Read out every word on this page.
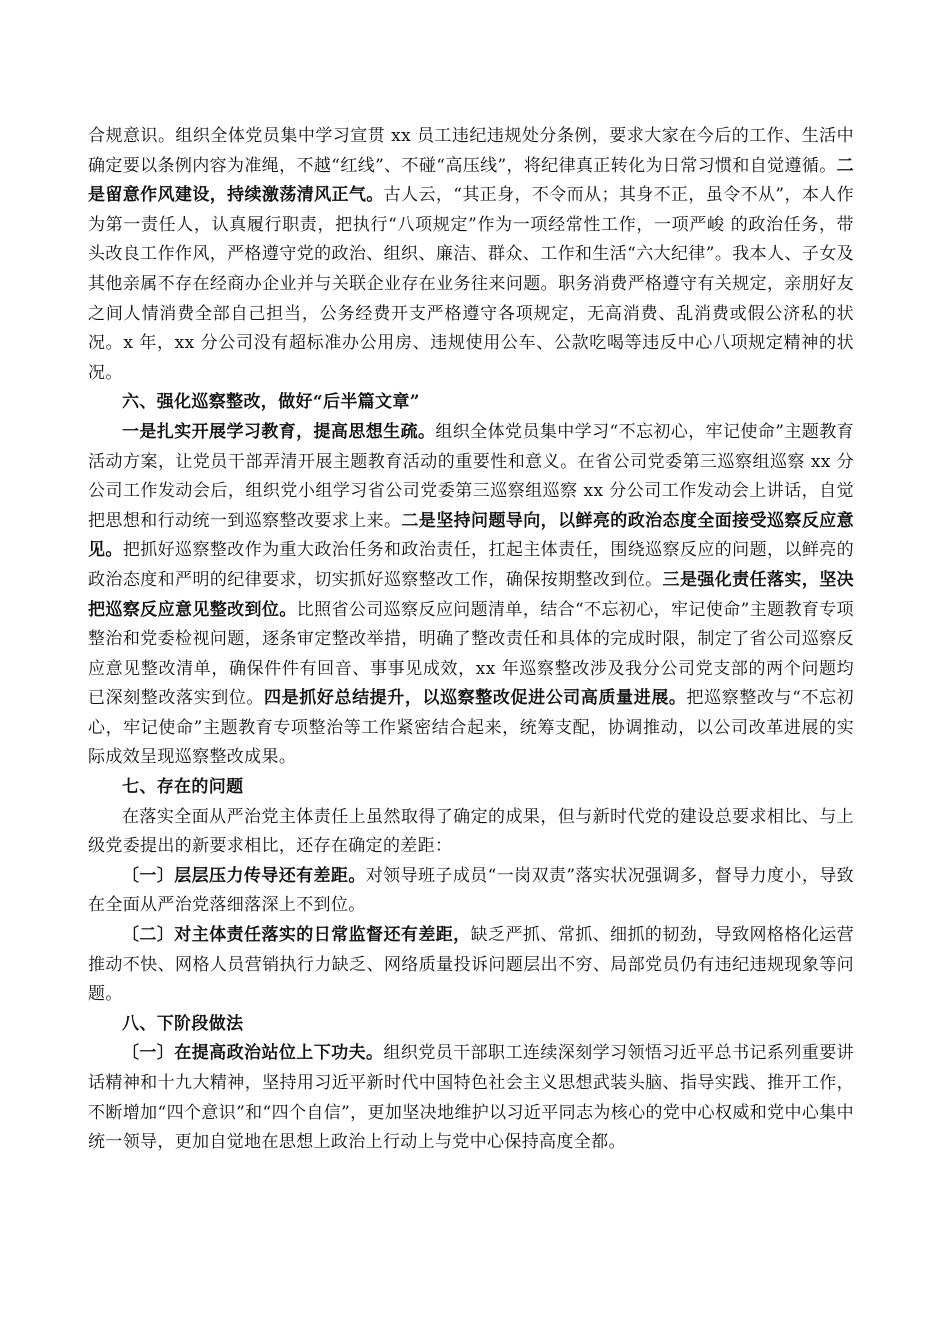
合规意识。组织全体党员集中学习宣贯 xx 员工违纪违规处分条例，要求大家在今后的工作、生活中确定要以条例内容为准绳，不越“红线”、不碰“高压线”，将纪律真正转化为日常习惯和自觉遵循。二是留意作风建设，持续激荡清风正气。古人云，“其正身，不令而从；其身不正，虽令不从”，本人作为第一责任人，认真履行职责，把执行“八项规定”作为一项经常性工作，一项严峻 的政治任务，带头改良工作作风，严格遵守党的政治、组织、廉洁、群众、工作和生活“六大纪律”。我本人、子女及其他亲属不存在经商办企业并与关联企业存在业务往来问题。职务消费严格遵守有关规定，亲朋好友之间人情消费全部自己担当，公务经费开支严格遵守各项规定，无高消费、乱消费或假公济私的状况。x 年，xx 分公司没有超标准办公用房、违规使用公车、公款吃喝等违反中心八项规定精神的状况。

六、强化巡察整改，做好“后半篇文章”

一是扎实开展学习教育，提高思想生疏。组织全体党员集中学习“不忘初心，牢记使命”主题教育活动方案，让党员干部弄清开展主题教育活动的重要性和意义。在省公司党委第三巡察组巡察 xx 分公司工作发动会后，组织党小组学习省公司党委第三巡察组巡察 xx 分公司工作发动会上讲话，自觉把思想和行动统一到巡察整改要求上来。二是坚持问题导向，以鲜亮的政治态度全面接受巡察反应意见。把抓好巡察整改作为重大政治任务和政治责任，扛起主体责任，围绕巡察反应的问题，以鲜亮的政治态度和严明的纪律要求，切实抓好巡察整改工作，确保按期整改到位。三是强化责任落实，坚决把巡察反应意见整改到位。比照省公司巡察反应问题清单，结合“不忘初心，牢记使命”主题教育专项整治和党委检视问题，逐条审定整改举措，明确了整改责任和具体的完成时限，制定了省公司巡察反应意见整改清单，确保件件有回音、事事见成效，xx 年巡察整改涉及我分公司党支部的两个问题均已深刻整改落实到位。四是抓好总结提升，以巡察整改促进公司高质量进展。把巡察整改与“不忘初心，牢记使命”主题教育专项整治等工作紧密结合起来，统筹支配，协调推动，以公司改革进展的实际成效呈现巡察整改成果。

七、存在的问题

在落实全面从严治党主体责任上虽然取得了确定的成果，但与新时代党的建设总要求相比、与上级党委提出的新要求相比，还存在确定的差距：

〔一〕层层压力传导还有差距。对领导班子成员“一岗双责”落实状况强调多，督导力度小，导致在全面从严治党落细落深上不到位。

〔二〕对主体责任落实的日常监督还有差距，缺乏严抓、常抓、细抓的韧劲，导致网格格化运营推动不快、网格人员营销执行力缺乏、网络质量投诉问题层出不穷、局部党员仍有违纪违规现象等问题。

八、下阶段做法

〔一〕在提高政治站位上下功夫。组织党员干部职工连续深刻学习领悟习近平总书记系列重要讲话精神和十九大精神，坚持用习近平新时代中国特色社会主义思想武装头脑、指导实践、推开工作，不断增加“四个意识”和“四个自信”，更加坚决地维护以习近平同志为核心的党中心权威和党中心集中统一领导，更加自觉地在思想上政治上行动上与党中心保持高度全都。
